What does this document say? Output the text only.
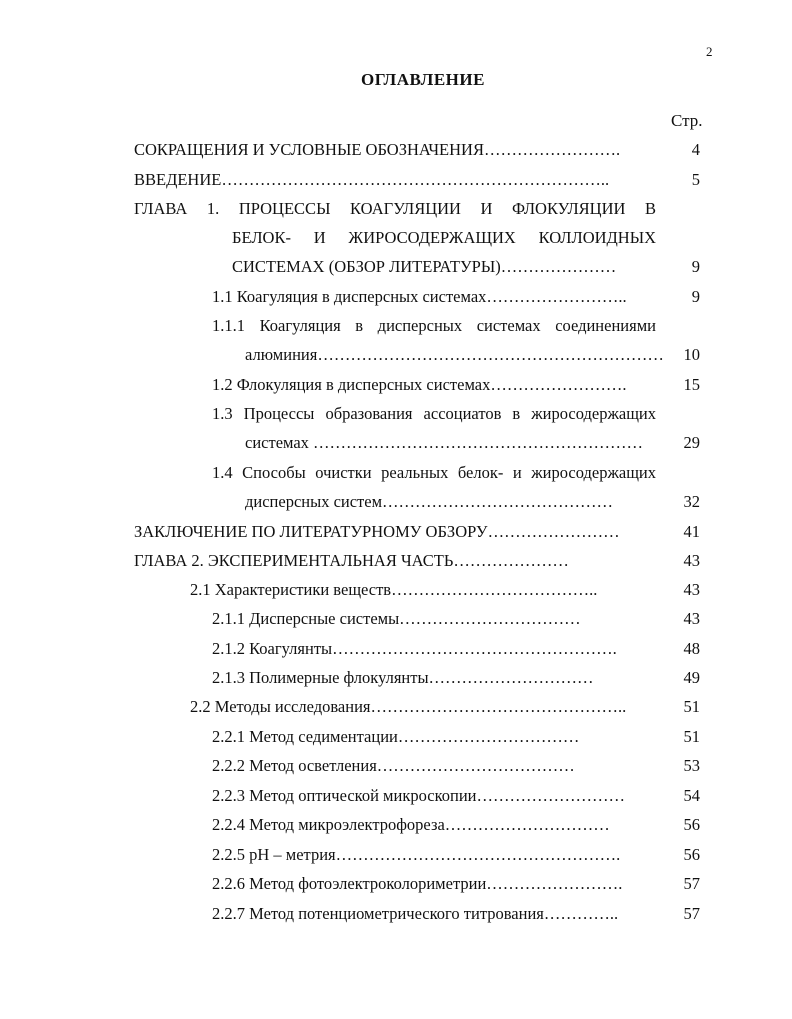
2
ОГЛАВЛЕНИЕ
Стр.
СОКРАЩЕНИЯ И УСЛОВНЫЕ ОБОЗНАЧЕНИЯ…………………….	4
ВВЕДЕНИЕ……………………………………………………………..	5
ГЛАВА 1. ПРОЦЕССЫ КОАГУЛЯЦИИ И ФЛОКУЛЯЦИИ В
БЕЛОК- И ЖИРОСОДЕРЖАЩИХ КОЛЛОИДНЫХ
СИСТЕМАХ (ОБЗОР ЛИТЕРАТУРЫ)…………………	9
1.1 Коагуляция в дисперсных системах……………………..	9
1.1.1 Коагуляция в дисперсных системах соединениями
алюминия……………………………………………………… 10
1.2 Флокуляция в дисперсных системах…………………….	15
1.3 Процессы образования ассоциатов в жиросодержащих
системах …………………………………………………… 29
1.4 Способы очистки реальных белок- и жиросодержащих
дисперсных систем……………………………………	32
ЗАКЛЮЧЕНИЕ ПО ЛИТЕРАТУРНОМУ ОБЗОРУ……………………	41
ГЛАВА 2. ЭКСПЕРИМЕНТАЛЬНАЯ ЧАСТЬ…………………	43
2.1 Характеристики веществ………………………………..	43
2.1.1 Дисперсные системы……………………………	43
2.1.2 Коагулянты…………………………………………….	48
2.1.3 Полимерные флокулянты…………………………	49
2.2 Методы исследования………………………………………..	51
2.2.1 Метод седиментации……………………………	51
2.2.2 Метод осветления………………………………	53
2.2.3 Метод оптической микроскопии………………………	54
2.2.4 Метод микроэлектрофореза…………………………	56
2.2.5 pH – метрия…………………………………………….	56
2.2.6 Метод фотоэлектроколориметрии…………………….	57
2.2.7 Метод потенциометрического титрования…………..	57
